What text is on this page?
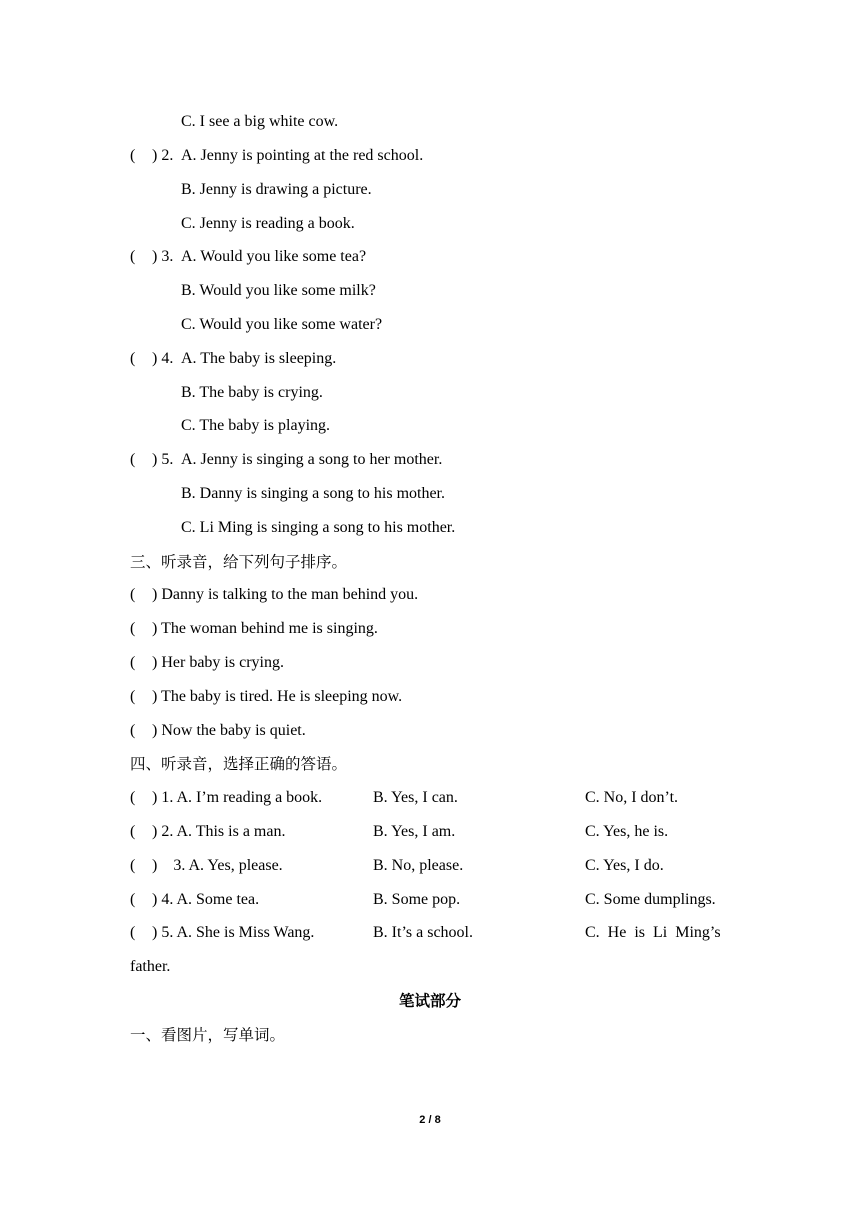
C. I see a big white cow.
( ) 2. A. Jenny is pointing at the red school.
B. Jenny is drawing a picture.
C. Jenny is reading a book.
( ) 3. A. Would you like some tea?
B. Would you like some milk?
C. Would you like some water?
( ) 4. A. The baby is sleeping.
B. The baby is crying.
C. The baby is playing.
( ) 5. A. Jenny is singing a song to her mother.
B. Danny is singing a song to his mother.
C. Li Ming is singing a song to his mother.
三、听录音，给下列句子排序。
( ) Danny is talking to the man behind you.
( ) The woman behind me is singing.
( ) Her baby is crying.
( ) The baby is tired. He is sleeping now.
( ) Now the baby is quiet.
四、听录音，选择正确的答语。
( ) 1. A. I’m reading a book.	B. Yes, I can.	C. No, I don’t.
( ) 2. A. This is a man.	B. Yes, I am.	C. Yes, he is.
( )    3. A. Yes, please.	B. No, please.	C. Yes, I do.
( ) 4. A. Some tea.	B. Some pop.	C. Some dumplings.
( ) 5. A. She is Miss Wang.	B. It’s a school.	C.  He  is  Li  Ming’s
father.
笔试部分
一、看图片，写单词。
2 / 8
